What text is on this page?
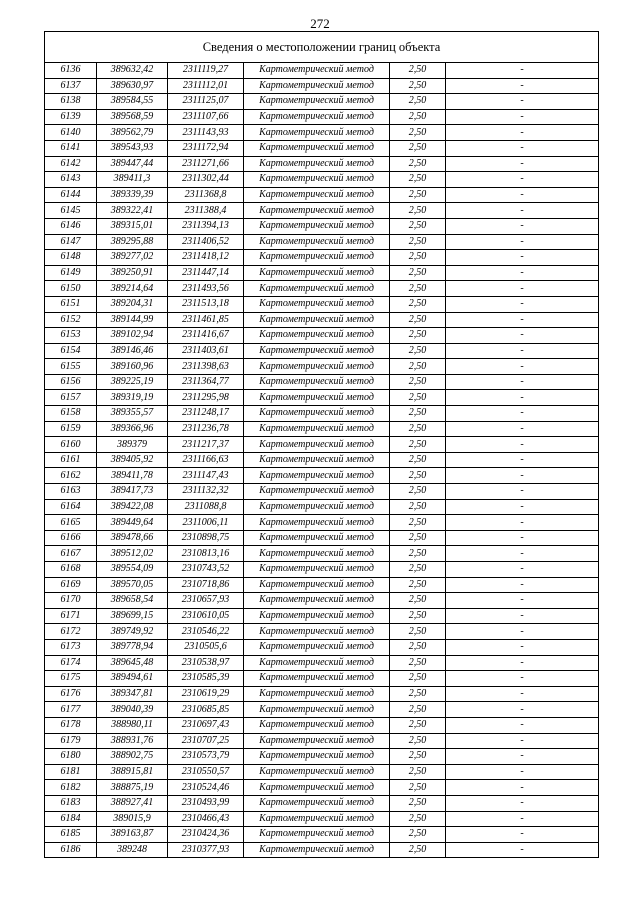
272
Сведения о местоположении границ объекта					
6136	389632,42	2311119,27	Картометрический метод	2,50	-
6137	389630,97	2311112,01	Картометрический метод	2,50	-
6138	389584,55	2311125,07	Картометрический метод	2,50	-
6139	389568,59	2311107,66	Картометрический метод	2,50	-
6140	389562,79	2311143,93	Картометрический метод	2,50	-
6141	389543,93	2311172,94	Картометрический метод	2,50	-
6142	389447,44	2311271,66	Картометрический метод	2,50	-
6143	389411,3	2311302,44	Картометрический метод	2,50	-
6144	389339,39	2311368,8	Картометрический метод	2,50	-
6145	389322,41	2311388,4	Картометрический метод	2,50	-
6146	389315,01	2311394,13	Картометрический метод	2,50	-
6147	389295,88	2311406,52	Картометрический метод	2,50	-
6148	389277,02	2311418,12	Картометрический метод	2,50	-
6149	389250,91	2311447,14	Картометрический метод	2,50	-
6150	389214,64	2311493,56	Картометрический метод	2,50	-
6151	389204,31	2311513,18	Картометрический метод	2,50	-
6152	389144,99	2311461,85	Картометрический метод	2,50	-
6153	389102,94	2311416,67	Картометрический метод	2,50	-
6154	389146,46	2311403,61	Картометрический метод	2,50	-
6155	389160,96	2311398,63	Картометрический метод	2,50	-
6156	389225,19	2311364,77	Картометрический метод	2,50	-
6157	389319,19	2311295,98	Картометрический метод	2,50	-
6158	389355,57	2311248,17	Картометрический метод	2,50	-
6159	389366,96	2311236,78	Картометрический метод	2,50	-
6160	389379	2311217,37	Картометрический метод	2,50	-
6161	389405,92	2311166,63	Картометрический метод	2,50	-
6162	389411,78	2311147,43	Картометрический метод	2,50	-
6163	389417,73	2311132,32	Картометрический метод	2,50	-
6164	389422,08	2311088,8	Картометрический метод	2,50	-
6165	389449,64	2311006,11	Картометрический метод	2,50	-
6166	389478,66	2310898,75	Картометрический метод	2,50	-
6167	389512,02	2310813,16	Картометрический метод	2,50	-
6168	389554,09	2310743,52	Картометрический метод	2,50	-
6169	389570,05	2310718,86	Картометрический метод	2,50	-
6170	389658,54	2310657,93	Картометрический метод	2,50	-
6171	389699,15	2310610,05	Картометрический метод	2,50	-
6172	389749,92	2310546,22	Картометрический метод	2,50	-
6173	389778,94	2310505,6	Картометрический метод	2,50	-
6174	389645,48	2310538,97	Картометрический метод	2,50	-
6175	389494,61	2310585,39	Картометрический метод	2,50	-
6176	389347,81	2310619,29	Картометрический метод	2,50	-
6177	389040,39	2310685,85	Картометрический метод	2,50	-
6178	388980,11	2310697,43	Картометрический метод	2,50	-
6179	388931,76	2310707,25	Картометрический метод	2,50	-
6180	388902,75	2310573,79	Картометрический метод	2,50	-
6181	388915,81	2310550,57	Картометрический метод	2,50	-
6182	388875,19	2310524,46	Картометрический метод	2,50	-
6183	388927,41	2310493,99	Картометрический метод	2,50	-
6184	389015,9	2310466,43	Картометрический метод	2,50	-
6185	389163,87	2310424,36	Картометрический метод	2,50	-
6186	389248	2310377,93	Картометрический метод	2,50	-
